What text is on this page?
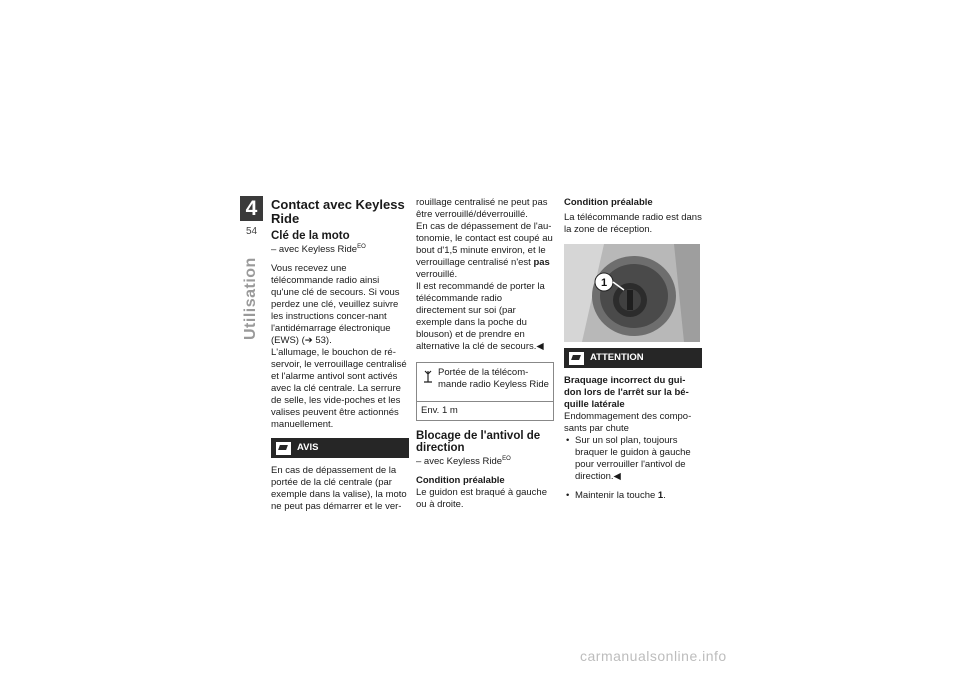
4
54
Utilisation
Contact avec Keyless Ride
Clé de la moto

– avec Keyless Ride$^{EO}$

Vous recevez une télécommande radio ainsi qu'une clé de secours. Si vous perdez une clé, veuillez suivre les instructions concer-nant l'antidémarrage électronique (EWS) (➔ 53).

L'allumage, le bouchon de ré-servoir, le verrouillage centralisé et l'alarme antivol sont activés avec la clé centrale. La serrure de selle, les vide-poches et les valises peuvent être actionnés manuellement.

AVIS

En cas de dépassement de la portée de la clé centrale (par exemple dans la valise), la moto ne peut pas démarrer et le ver-

rouillage centralisé ne peut pas être verrouillé/déverrouillé.

En cas de dépassement de l'au-tonomie, le contact est coupé au bout d'1,5 minute environ, et le verrouillage centralisé n'est pas verrouillé.

Il est recommandé de porter la télécommande radio directement sur soi (par exemple dans la poche du blouson) et de prendre en alternative la clé de secours.◀

Portée de la télécom-mande radio Keyless Ride
Env. 1 m
Blocage de l'antivol de direction

– avec Keyless Ride$^{EO}$

Condition préalable

Le guidon est braqué à gauche ou à droite.

Condition préalable

La télécommande radio est dans la zone de réception.

1
ATTENTION

Braquage incorrect du gui-don lors de l'arrêt sur la bé-quille latérale

Endommagement des compo-sants par chute

• Sur un sol plan, toujours braquer le guidon à gauche pour verrouiller l'antivol de direction.◀
• Maintenir la touche 1.
carmanualsonline.info
